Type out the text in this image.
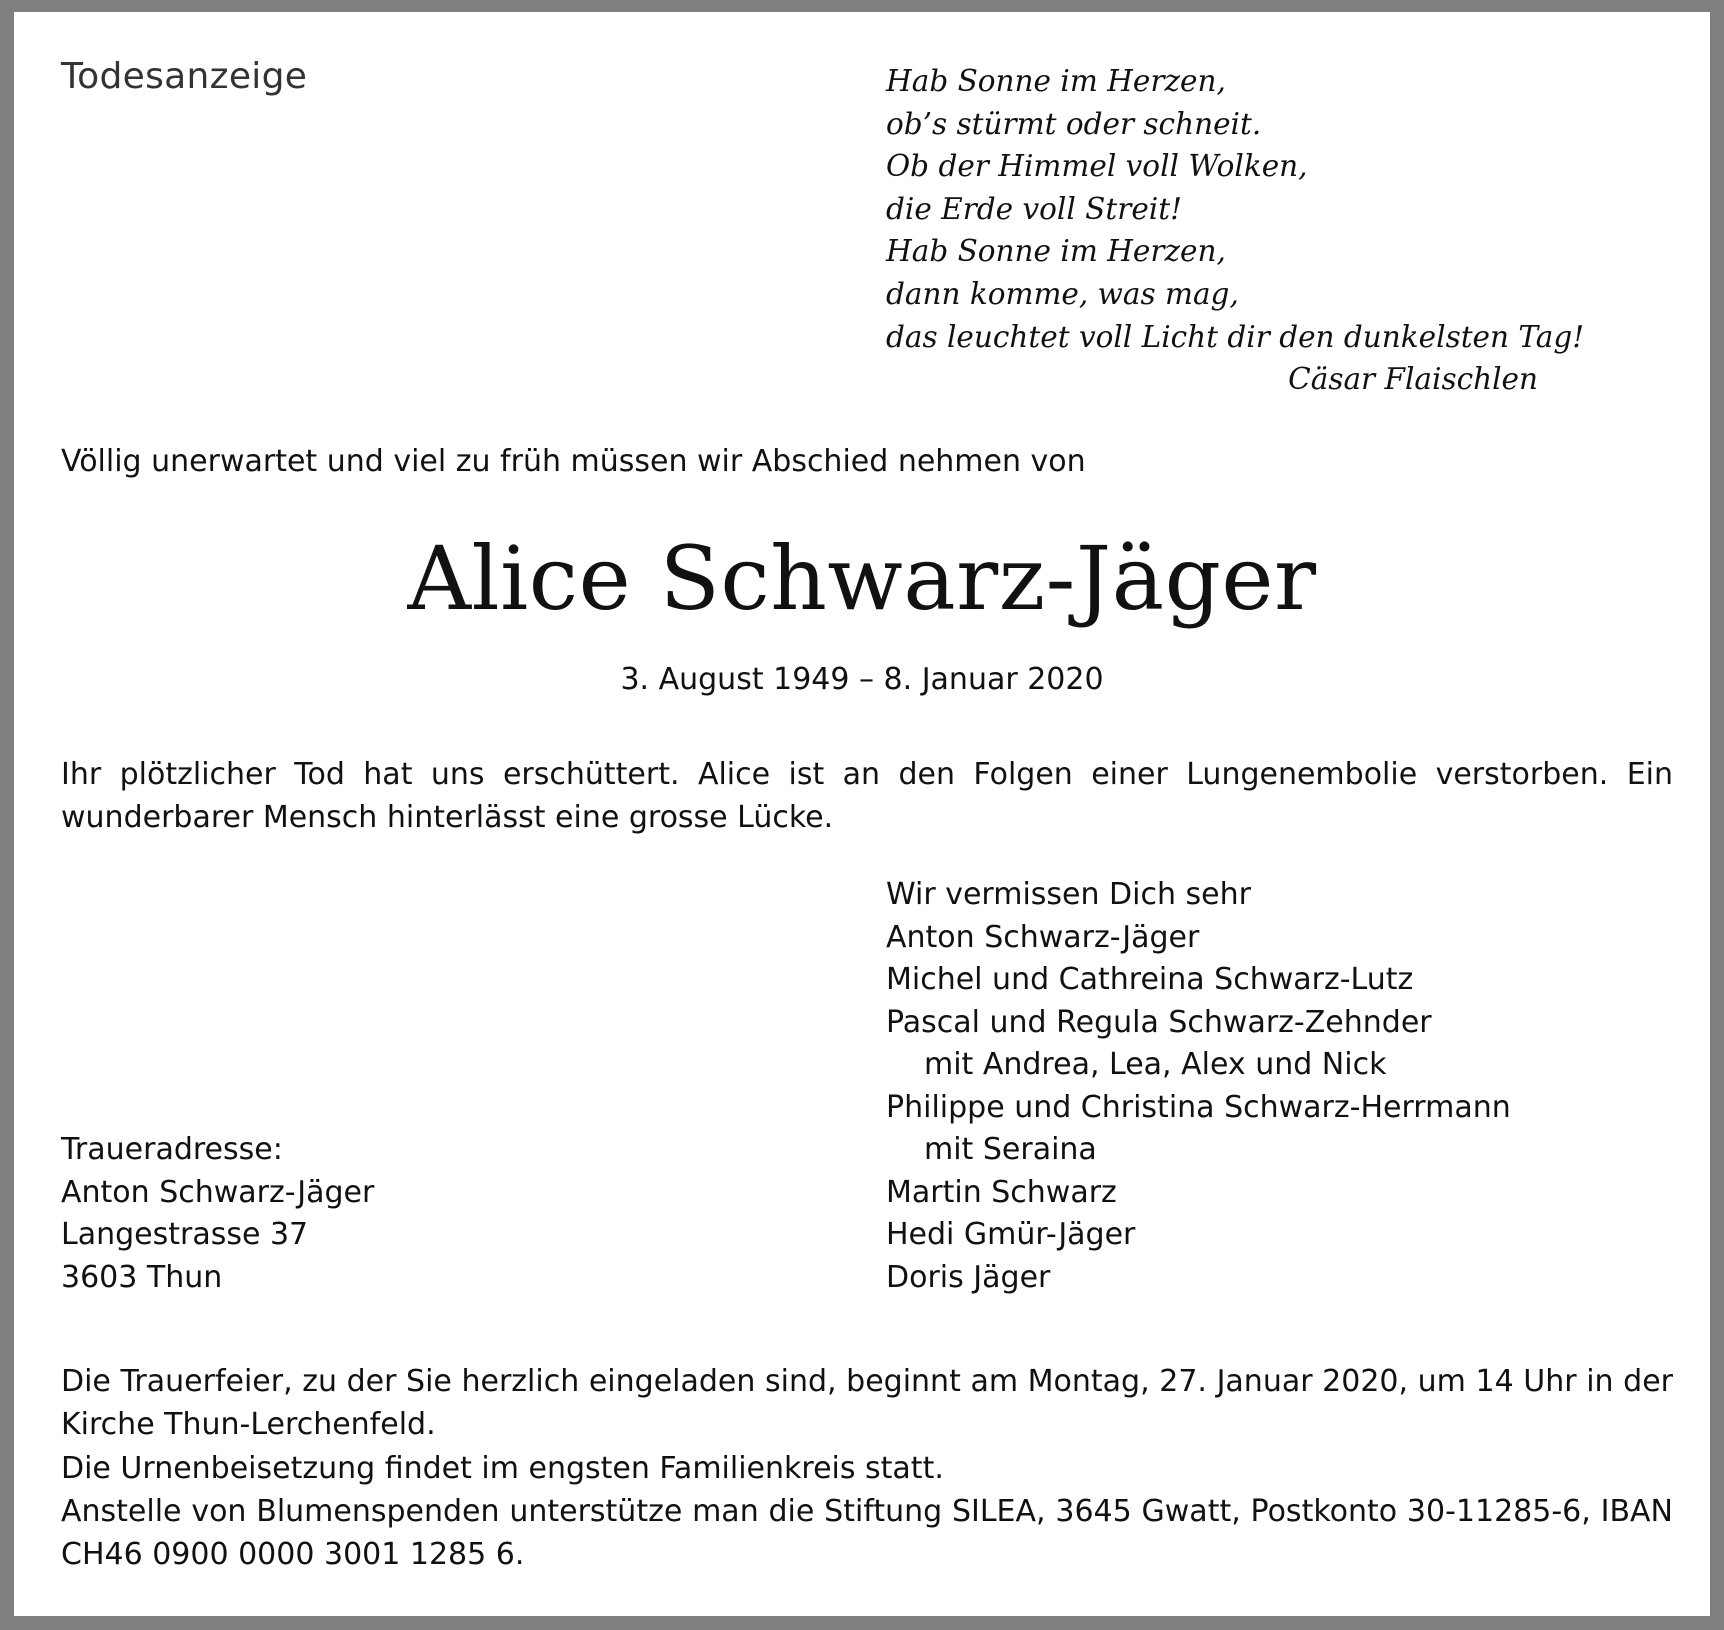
Todesanzeige	Hab Sonne im Herzen,
ob’s stürmt oder schneit.
Ob der Himmel voll Wolken,
die Erde voll Streit!
Hab Sonne im Herzen,
dann komme, was mag,
das leuchtet voll Licht dir den dunkelsten Tag!
Cäsar Flaischlen
Völlig unerwartet und viel zu früh müssen wir Abschied nehmen von
Alice Schwarz-Jäger
3. August 1949 – 8. Januar 2020
Ihr plötzlicher Tod hat uns erschüttert. Alice ist an den Folgen einer Lungenembolie verstorben. Ein wunderbarer Mensch hinterlässt eine grosse Lücke.
Wir vermissen Dich sehr
Anton Schwarz-Jäger
Michel und Cathreina Schwarz-Lutz
Pascal und Regula Schwarz-Zehnder
mit Andrea, Lea, Alex und Nick
Philippe und Christina Schwarz-Herrmann
mit Seraina
Martin Schwarz
Hedi Gmür-Jäger
Doris Jäger
Traueradresse:
Anton Schwarz-Jäger
Langestrasse 37
3603 Thun
Die Trauerfeier, zu der Sie herzlich eingeladen sind, beginnt am Montag, 27. Januar 2020, um 14 Uhr in der Kirche Thun-Lerchenfeld.
Die Urnenbeisetzung findet im engsten Familienkreis statt.
Anstelle von Blumenspenden unterstütze man die Stiftung SILEA, 3645 Gwatt, Postkonto 30-11285-6, IBAN CH46 0900 0000 3001 1285 6.
